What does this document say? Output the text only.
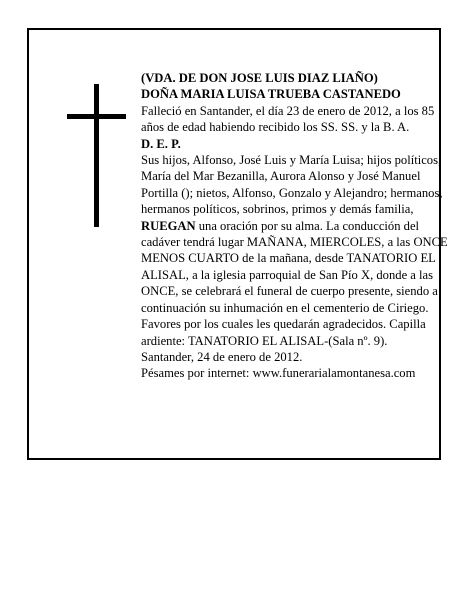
(VDA. DE DON JOSE LUIS DIAZ LIAÑO)

DOÑA MARIA LUISA TRUEBA CASTANEDO

Falleció en Santander, el día 23 de enero de 2012, a los 85 años de edad habiendo recibido los SS. SS. y la B. A.

D. E. P.

Sus hijos, Alfonso, José Luis y María Luisa; hijos políticos, María del Mar Bezanilla, Aurora Alonso y José Manuel Portilla (); nietos, Alfonso, Gonzalo y Alejandro; hermanos, hermanos políticos, sobrinos, primos y demás familia,

RUEGAN una oración por su alma. La conducción del cadáver tendrá lugar MAÑANA, MIERCOLES, a las ONCE MENOS CUARTO de la mañana, desde TANATORIO EL ALISAL, a la iglesia parroquial de San Pío X, donde a las ONCE, se celebrará el funeral de cuerpo presente, siendo a continuación su inhumación en el cementerio de Ciriego. Favores por los cuales les quedarán agradecidos. Capilla ardiente: TANATORIO EL ALISAL-(Sala nº. 9).

Santander, 24 de enero de 2012.

Pésames por internet: www.funerarialamontanesa.com
